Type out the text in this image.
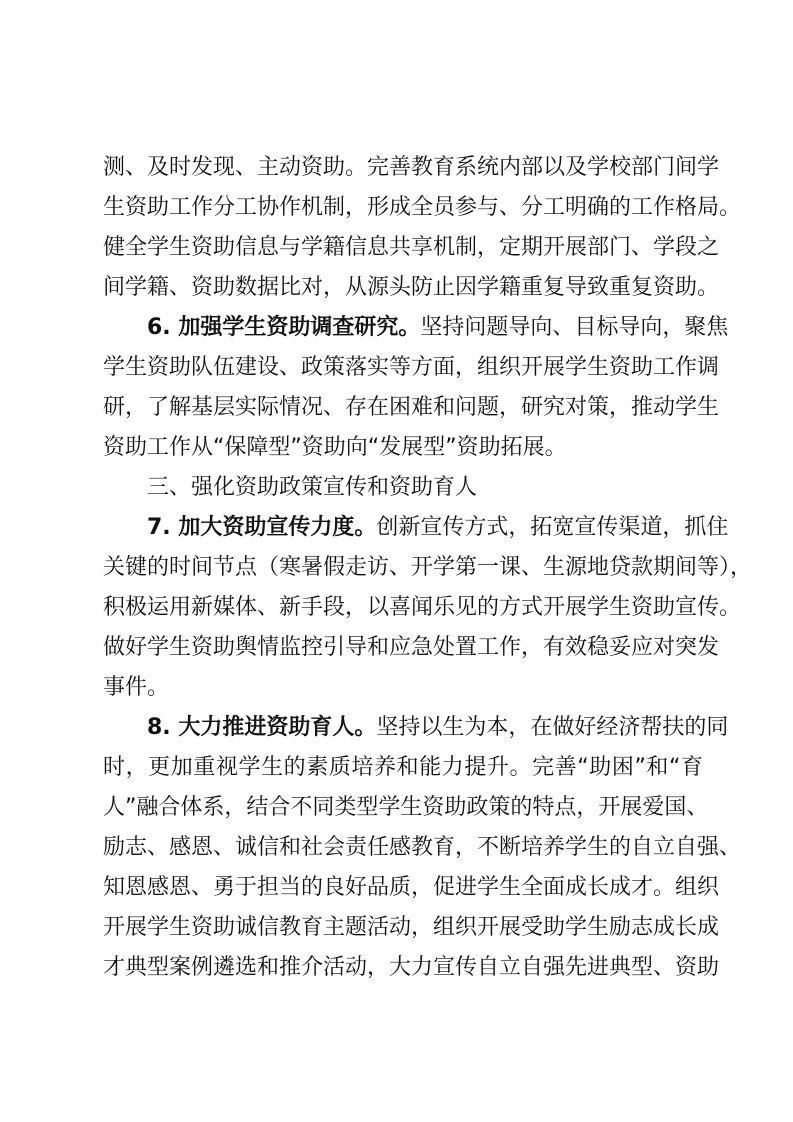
测、及时发现、主动资助。完善教育系统内部以及学校部门间学
生资助工作分工协作机制，形成全员参与、分工明确的工作格局。
健全学生资助信息与学籍信息共享机制，定期开展部门、学段之
间学籍、资助数据比对，从源头防止因学籍重复导致重复资助。
6. 加强学生资助调查研究。坚持问题导向、目标导向，聚焦
学生资助队伍建设、政策落实等方面，组织开展学生资助工作调
研，了解基层实际情况、存在困难和问题，研究对策，推动学生
资助工作从“保障型”资助向“发展型”资助拓展。
三、强化资助政策宣传和资助育人
7. 加大资助宣传力度。创新宣传方式，拓宽宣传渠道，抓住
关键的时间节点（寒暑假走访、开学第一课、生源地贷款期间等），
积极运用新媒体、新手段，以喜闻乐见的方式开展学生资助宣传。
做好学生资助舆情监控引导和应急处置工作，有效稳妥应对突发
事件。
8. 大力推进资助育人。坚持以生为本，在做好经济帮扶的同
时，更加重视学生的素质培养和能力提升。完善“助困”和“育
人”融合体系，结合不同类型学生资助政策的特点，开展爱国、
励志、感恩、诚信和社会责任感教育，不断培养学生的自立自强、
知恩感恩、勇于担当的良好品质，促进学生全面成长成才。组织
开展学生资助诚信教育主题活动，组织开展受助学生励志成长成
才典型案例遴选和推介活动，大力宣传自立自强先进典型、资助
